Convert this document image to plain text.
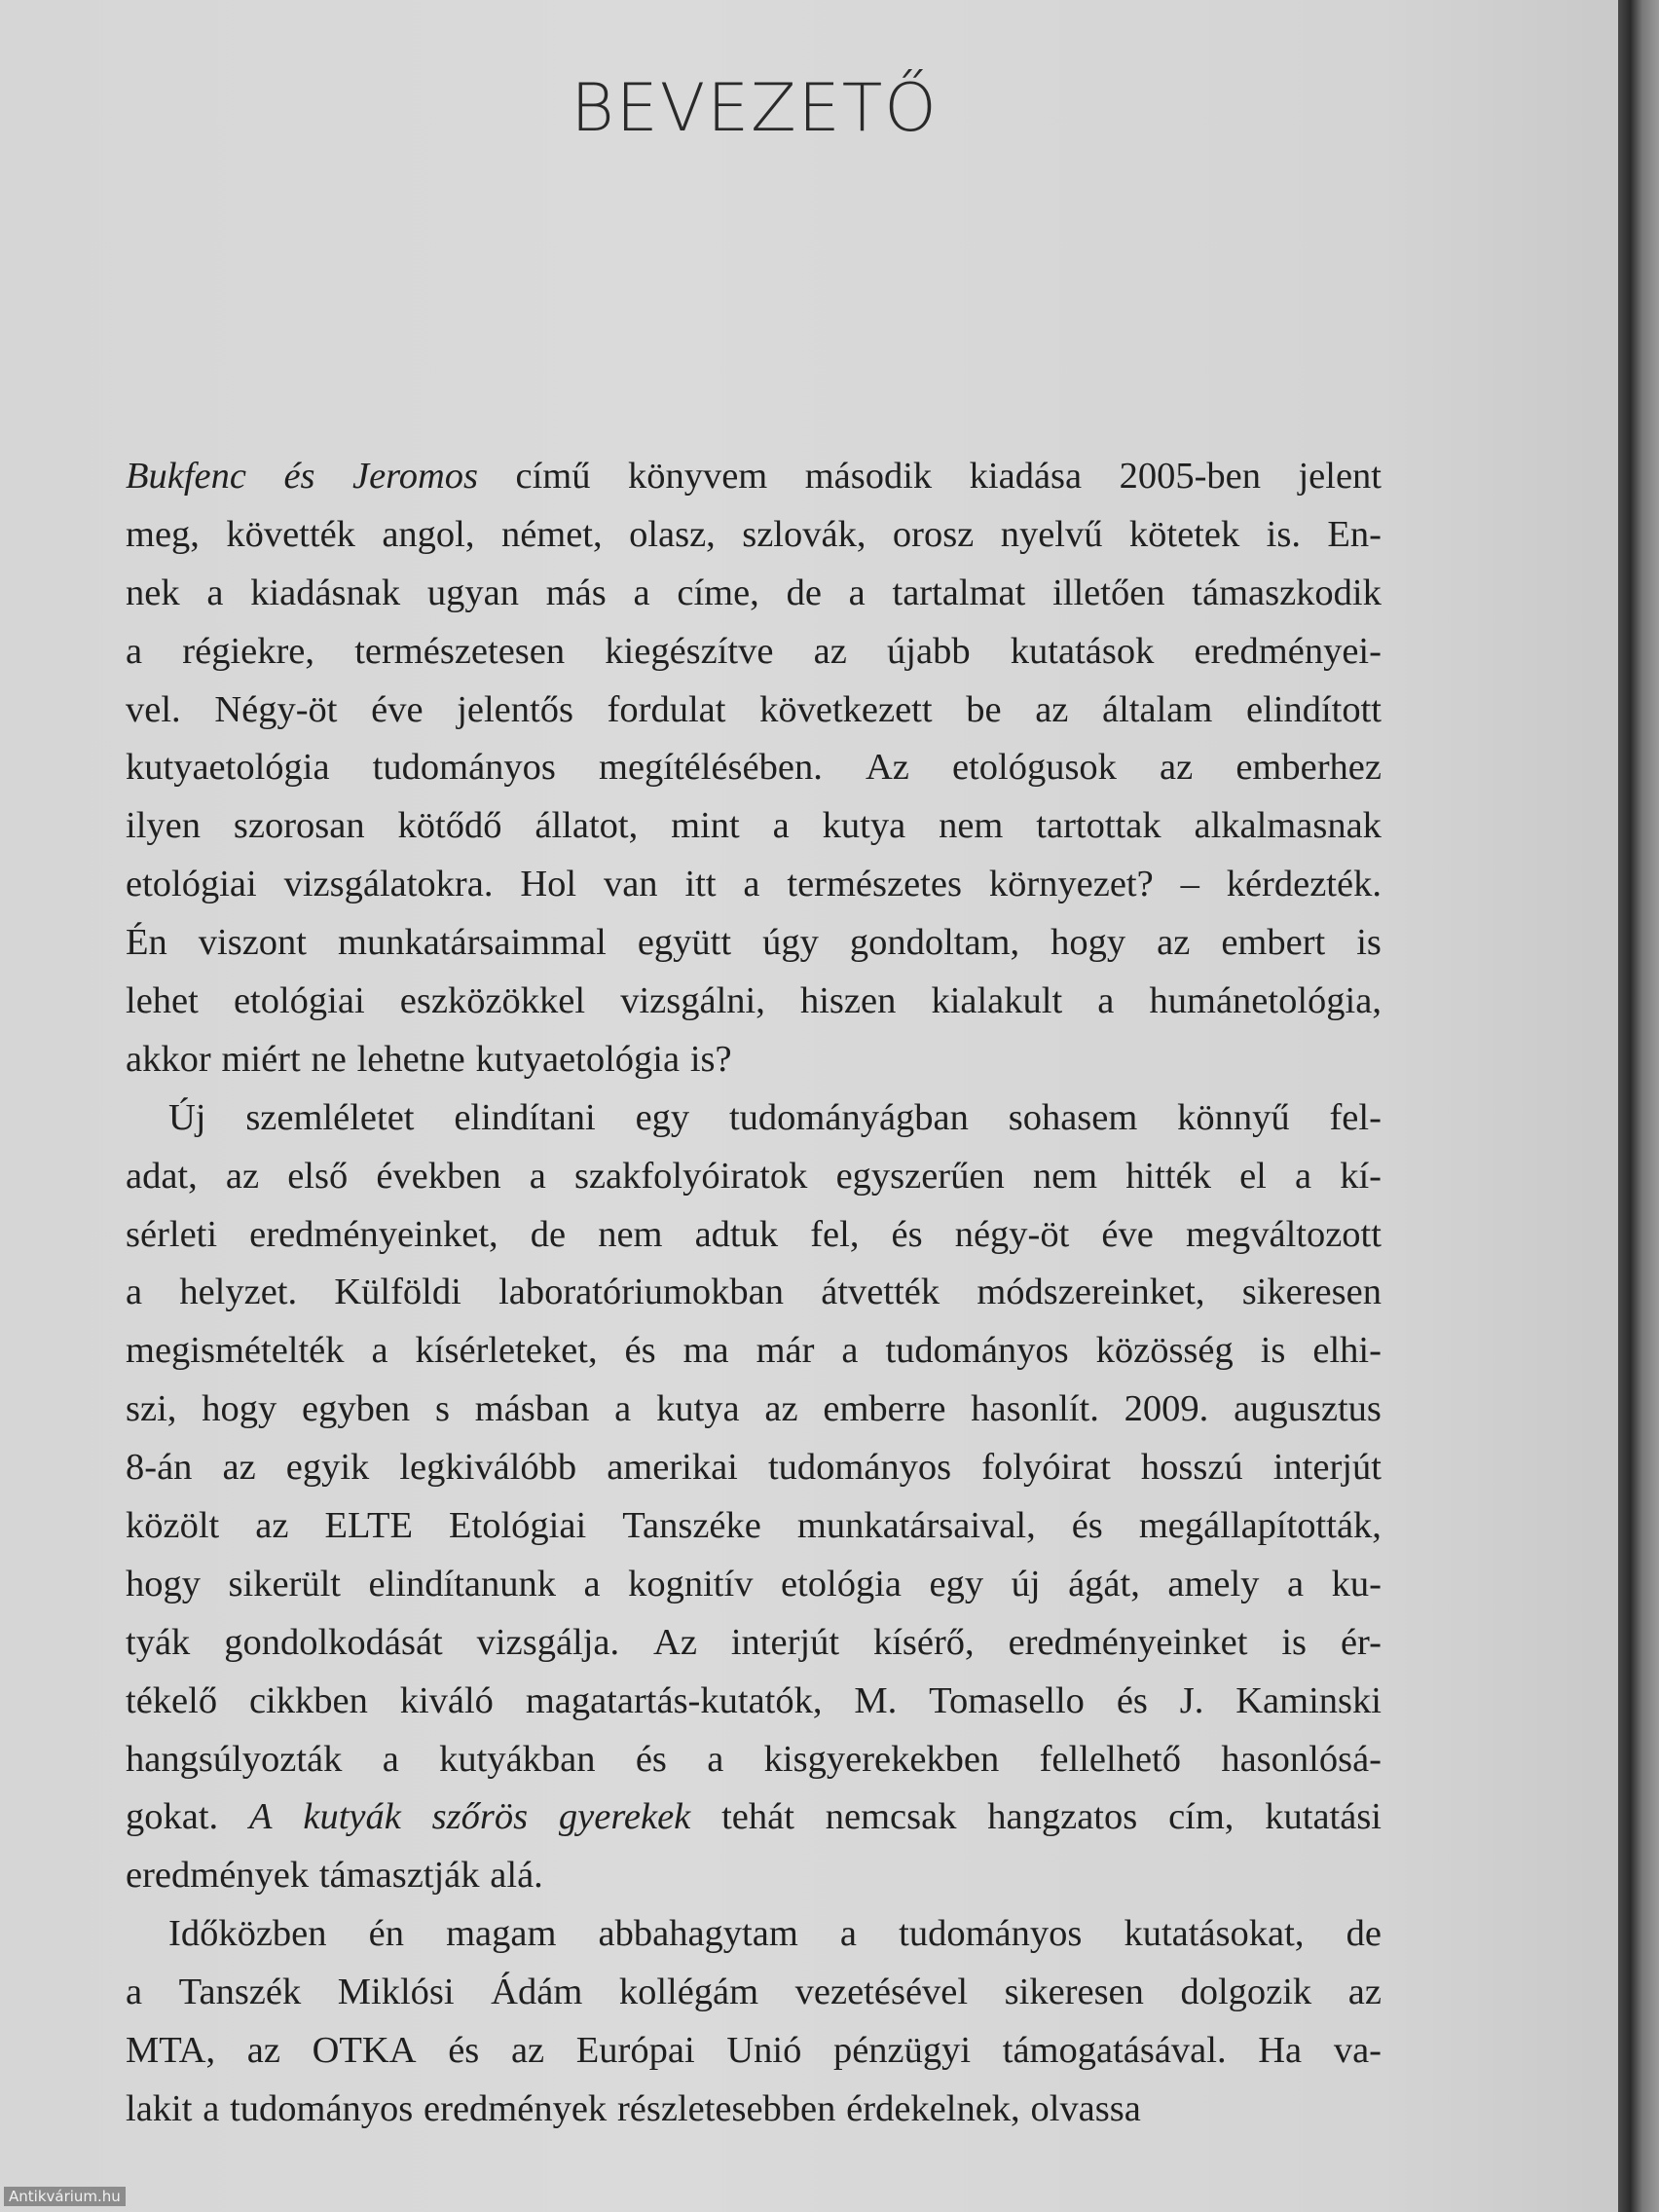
BEVEZETŐ
Bukfenc és Jeromos című könyvem második kiadása 2005-ben jelent
meg, követték angol, német, olasz, szlovák, orosz nyelvű kötetek is. En-
nek a kiadásnak ugyan más a címe, de a tartalmat illetően támaszkodik
a régiekre, természetesen kiegészítve az újabb kutatások eredményei-
vel. Négy-öt éve jelentős fordulat következett be az általam elindított
kutyaetológia tudományos megítélésében. Az etológusok az emberhez
ilyen szorosan kötődő állatot, mint a kutya nem tartottak alkalmasnak
etológiai vizsgálatokra. Hol van itt a természetes környezet? – kérdezték.
Én viszont munkatársaimmal együtt úgy gondoltam, hogy az embert is
lehet etológiai eszközökkel vizsgálni, hiszen kialakult a humánetológia,
akkor miért ne lehetne kutyaetológia is?
Új szemléletet elindítani egy tudományágban sohasem könnyű fel-
adat, az első években a szakfolyóiratok egyszerűen nem hitték el a kí-
sérleti eredményeinket, de nem adtuk fel, és négy-öt éve megváltozott
a helyzet. Külföldi laboratóriumokban átvették módszereinket, sikeresen
megismételték a kísérleteket, és ma már a tudományos közösség is elhi-
szi, hogy egyben s másban a kutya az emberre hasonlít. 2009. augusztus
8-án az egyik legkiválóbb amerikai tudományos folyóirat hosszú interjút
közölt az ELTE Etológiai Tanszéke munkatársaival, és megállapították,
hogy sikerült elindítanunk a kognitív etológia egy új ágát, amely a ku-
tyák gondolkodását vizsgálja. Az interjút kísérő, eredményeinket is ér-
tékelő cikkben kiváló magatartás-kutatók, M. Tomasello és J. Kaminski
hangsúlyozták a kutyákban és a kisgyerekekben fellelhető hasonlósá-
gokat. A kutyák szőrös gyerekek tehát nemcsak hangzatos cím, kutatási
eredmények támasztják alá.
Időközben én magam abbahagytam a tudományos kutatásokat, de
a Tanszék Miklósi Ádám kollégám vezetésével sikeresen dolgozik az
MTA, az OTKA és az Európai Unió pénzügyi támogatásával. Ha va-
lakit a tudományos eredmények részletesebben érdekelnek, olvassa
Antikvárium.hu
